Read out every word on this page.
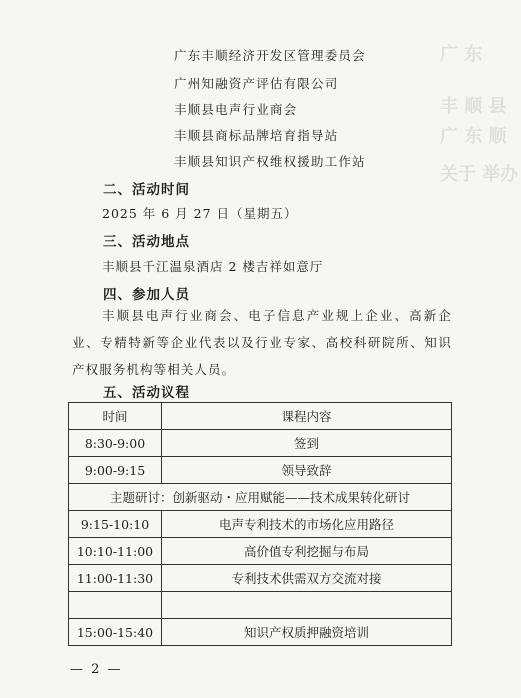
广 东
丰 顺 县
广 东 顺
关于 举办
广东丰顺经济开发区管理委员会
广州知融资产评估有限公司
丰顺县电声行业商会
丰顺县商标品牌培育指导站
丰顺县知识产权维权援助工作站
二、活动时间
2025 年 6 月 27 日（星期五）
三、活动地点
丰顺县千江温泉酒店 2 楼吉祥如意厅
四、参加人员
丰顺县电声行业商会、电子信息产业规上企业、高新企业、专精特新等企业代表以及行业专家、高校科研院所、知识产权服务机构等相关人员。
五、活动议程
时间	课程内容
8:30-9:00	签到
9:00-9:15	领导致辞
主题研讨：创新驱动・应用赋能——技术成果转化研讨	
9:15-10:10	电声专利技术的市场化应用路径
10:10-11:00	高价值专利挖掘与布局
11:00-11:30	专利技术供需双方交流对接

15:00-15:40	知识产权质押融资培训
— 2 —
